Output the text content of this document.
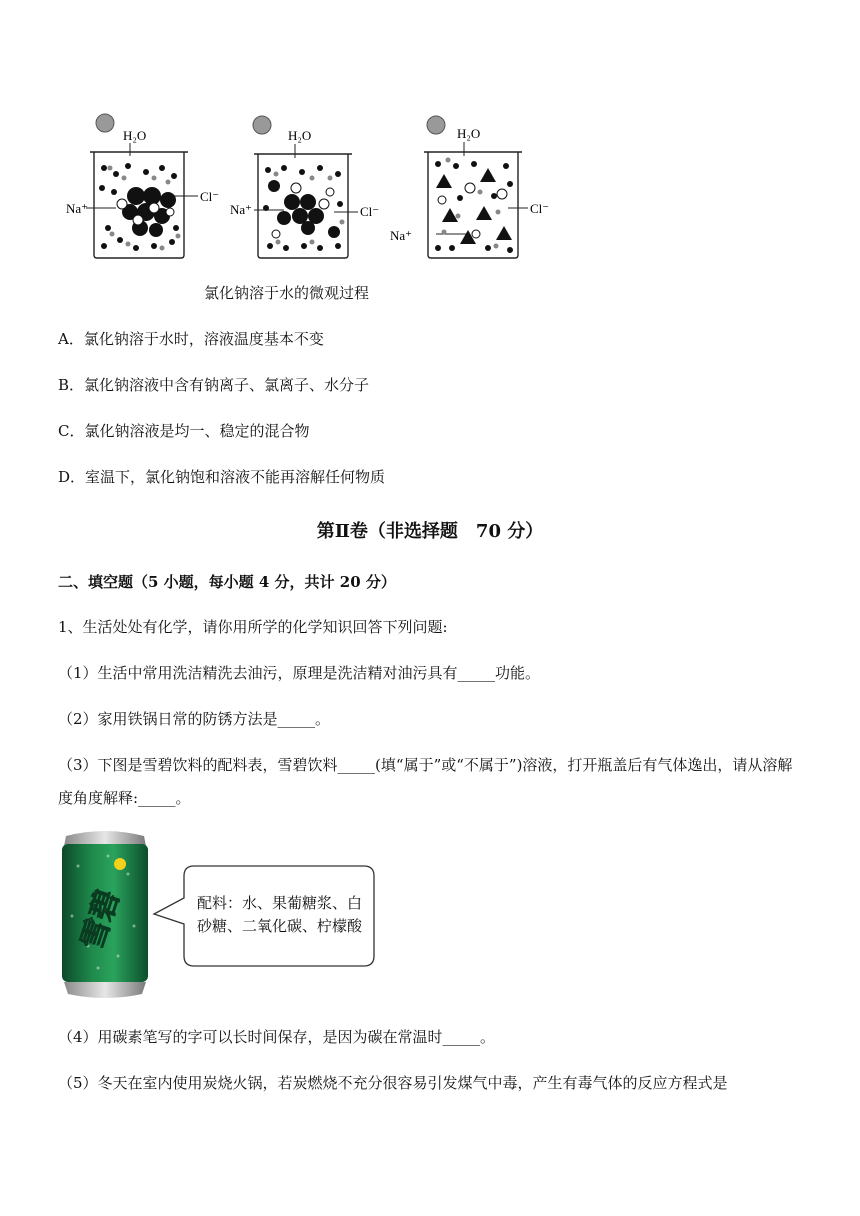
H₂O
Na⁺
Cl⁻
H₂O
Na⁺	Cl⁻
H₂O
Na⁺
Cl⁻
氯化钠溶于水的微观过程
A．氯化钠溶于水时，溶液温度基本不变
B．氯化钠溶液中含有钠离子、氯离子、水分子
C．氯化钠溶液是均一、稳定的混合物
D．室温下，氯化钠饱和溶液不能再溶解任何物质
第Ⅱ卷（非选择题　70 分）
二、填空题（5 小题，每小题 4 分，共计 20 分）
1、生活处处有化学，请你用所学的化学知识回答下列问题:
（1）生活中常用洗洁精洗去油污，原理是洗洁精对油污具有_____功能。
（2）家用铁锅日常的防锈方法是_____。
（3）下图是雪碧饮料的配料表，雪碧饮料_____(填“属于”或“不属于”)溶液，打开瓶盖后有气体逸出，请从溶解度角度解释:_____。
雪碧	配料：水、果葡糖浆、白砂糖、二氧化碳、柠檬酸
（4）用碳素笔写的字可以长时间保存，是因为碳在常温时_____。
（5）冬天在室内使用炭烧火锅，若炭燃烧不充分很容易引发煤气中毒，产生有毒气体的反应方程式是
